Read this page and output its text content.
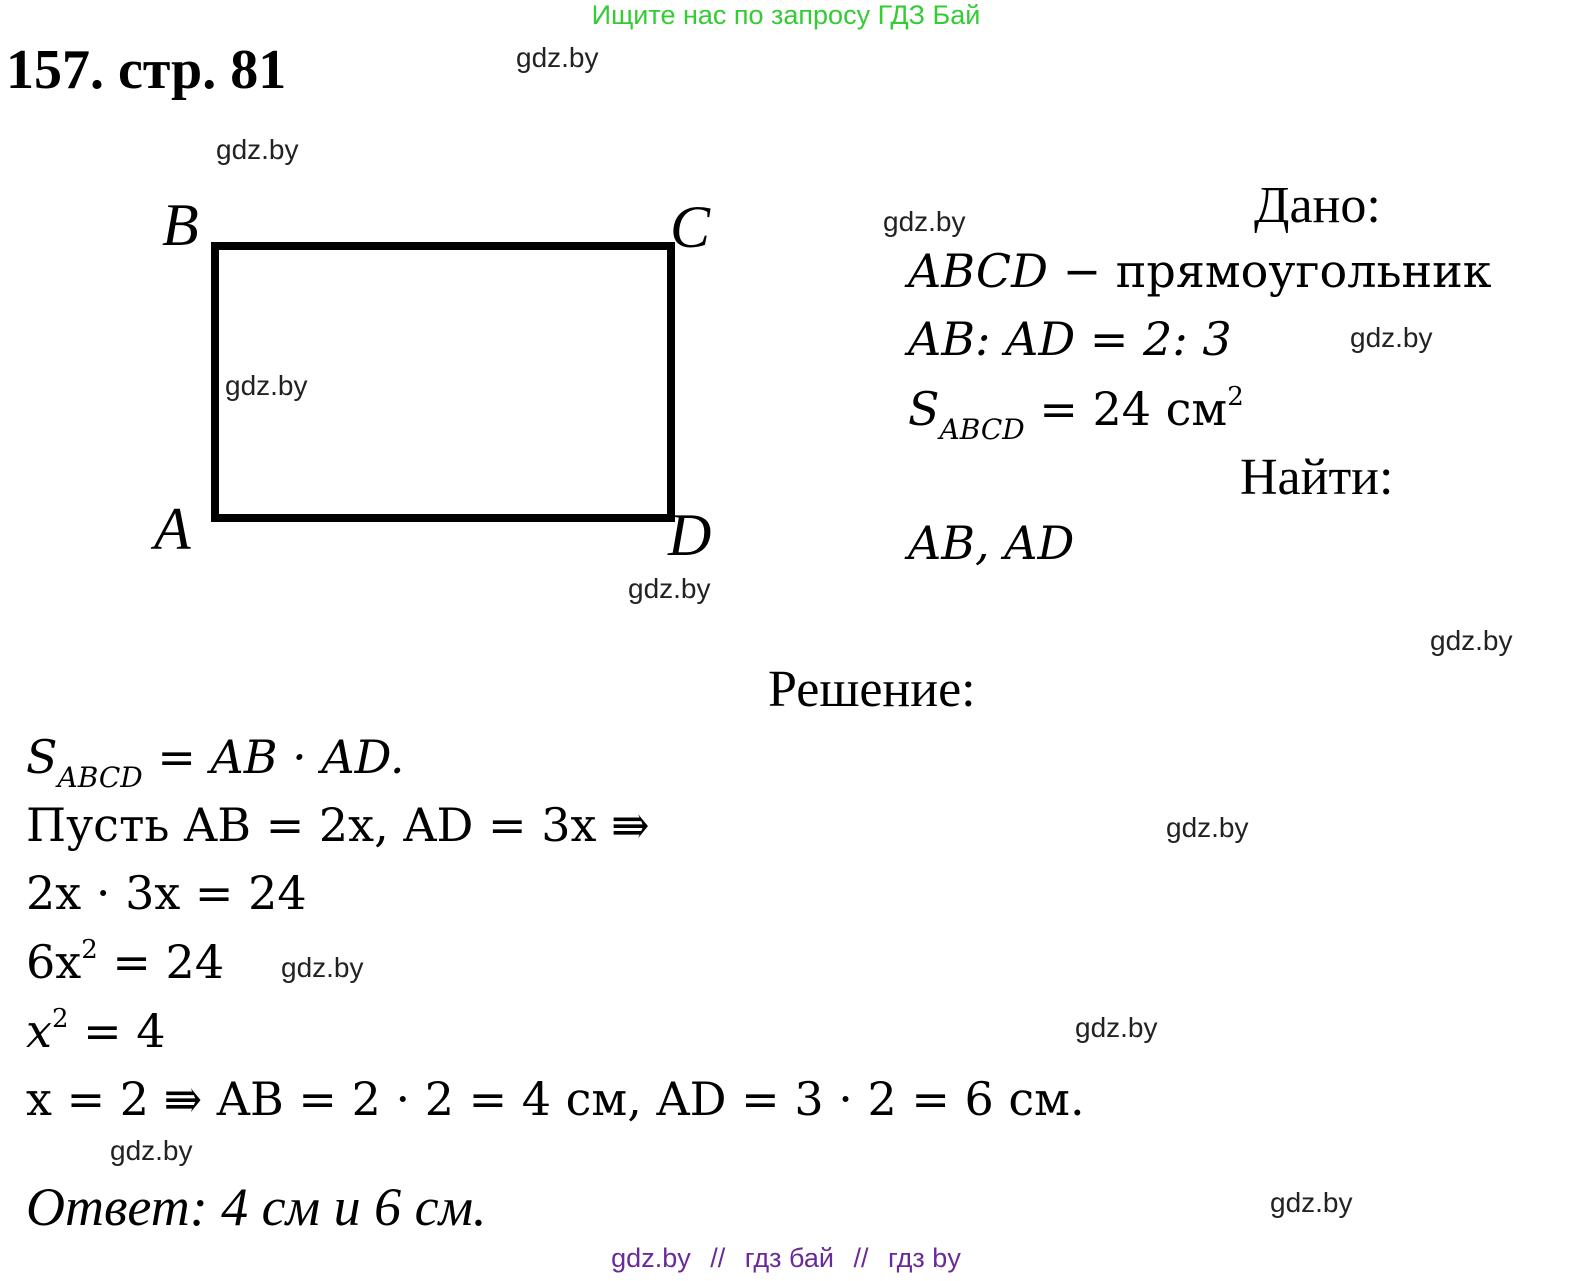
Ищите нас по запросу ГДЗ Бай
157. стр. 81	gdz.by
gdz.by
gdz.by
gdz.by
gdz.by
gdz.by
gdz.by
gdz.by
gdz.by
gdz.by
gdz.by
gdz.by
B	C
A	D
Дано:
ABCD − прямоугольник
AB: AD = 2: 3
$S_{ABCD} = 24$ $см^2$
Найти:
AB, AD
Решение:
$S_{ABCD}$ = AB · AD.
Пусть AB = 2x, AD = 3x ⇛
2x · 3x = 24
$6x^2 = 24$
$x^2 = 4$
x = 2 ⇛ AB = 2 · 2 = 4 см, AD = 3 · 2 = 6 см.
Ответ: 4 см и 6 см.
gdz.by // гдз бай // гдз by
